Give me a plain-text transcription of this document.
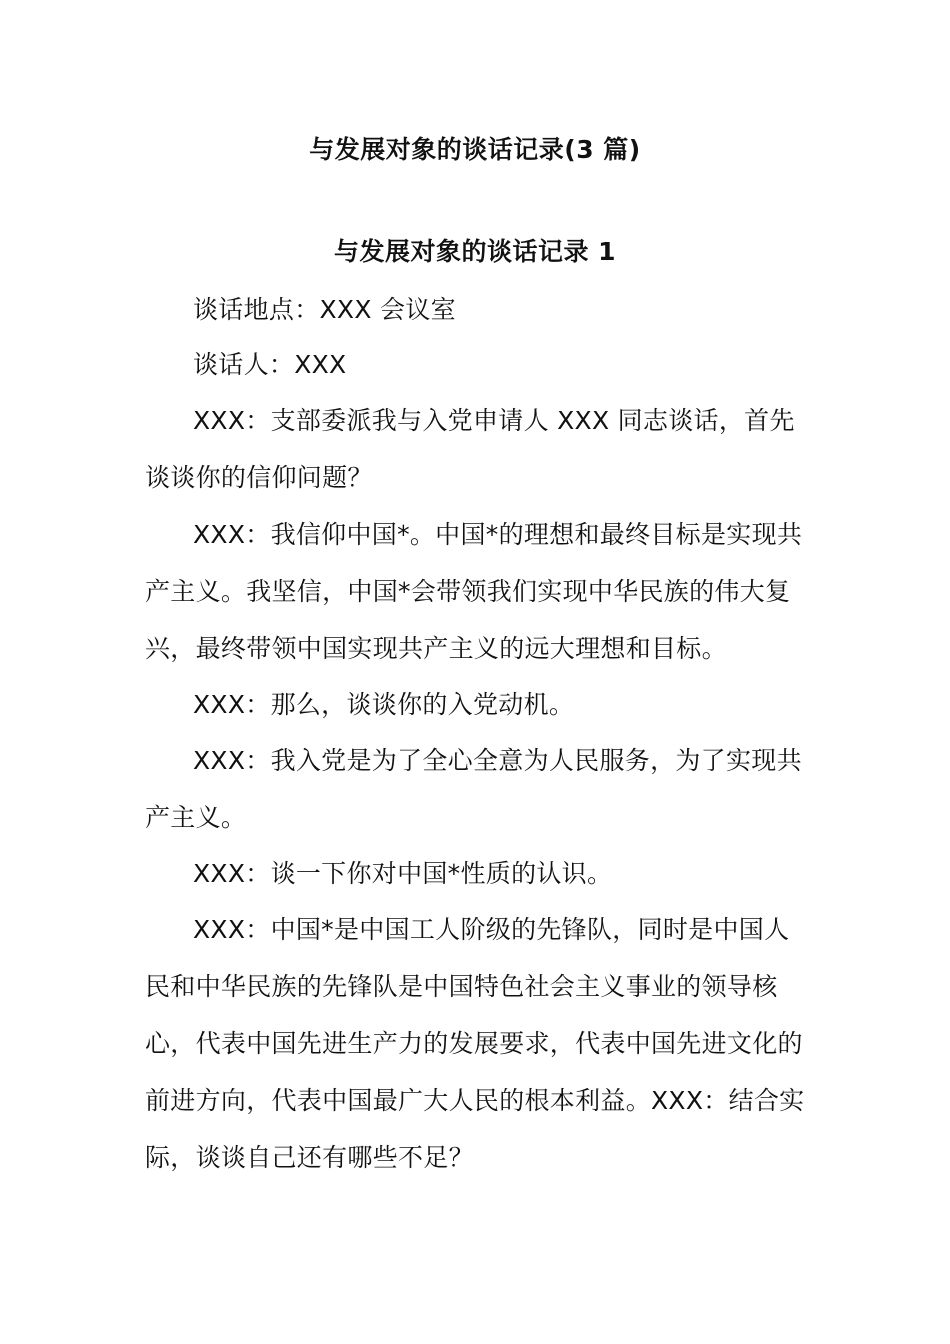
与发展对象的谈话记录(3 篇)
与发展对象的谈话记录 1

谈话地点：XXX 会议室

谈话人：XXX

XXX：支部委派我与入党申请人 XXX 同志谈话，首先谈谈你的信仰问题？

XXX：我信仰中国*。中国*的理想和最终目标是实现共产主义。我坚信，中国*会带领我们实现中华民族的伟大复兴，最终带领中国实现共产主义的远大理想和目标。

XXX：那么，谈谈你的入党动机。

XXX：我入党是为了全心全意为人民服务，为了实现共产主义。

XXX：谈一下你对中国*性质的认识。

XXX：中国*是中国工人阶级的先锋队，同时是中国人民和中华民族的先锋队是中国特色社会主义事业的领导核心，代表中国先进生产力的发展要求，代表中国先进文化的前进方向，代表中国最广大人民的根本利益。XXX：结合实际，谈谈自己还有哪些不足？
